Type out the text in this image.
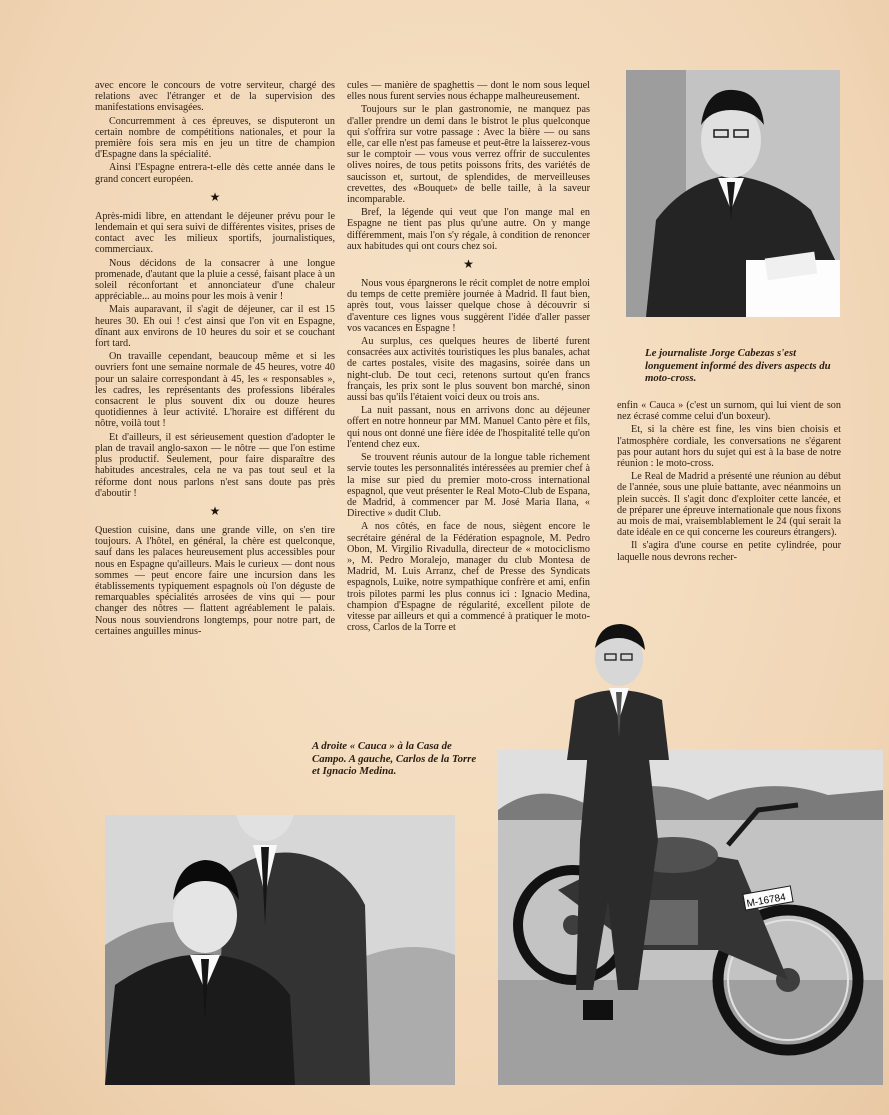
avec encore le concours de votre serviteur, chargé des relations avec l'étranger et de la supervision des manifestations envisagées.

Concurremment à ces épreuves, se disputeront un certain nombre de compétitions nationales, et pour la première fois sera mis en jeu un titre de champion d'Espagne dans la spécialité.

Ainsi l'Espagne entrera-t-elle dès cette année dans le grand concert européen.

★

Après-midi libre, en attendant le déjeuner prévu pour le lendemain et qui sera suivi de différentes visites, prises de contact avec les milieux sportifs, journalistiques, commerciaux.

Nous décidons de la consacrer à une longue promenade, d'autant que la pluie a cessé, faisant place à un soleil réconfortant et annonciateur d'une chaleur appréciable... au moins pour les mois à venir !

Mais auparavant, il s'agit de déjeuner, car il est 15 heures 30. Eh oui ! c'est ainsi que l'on vit en Espagne, dînant aux environs de 10 heures du soir et se couchant fort tard.

On travaille cependant, beaucoup même et si les ouvriers font une semaine normale de 45 heures, votre 40 pour un salaire correspondant à 45, les « responsables », les cadres, les représentants des professions libérales consacrent le plus souvent dix ou douze heures quotidiennes à leur activité. L'horaire est différent du nôtre, voilà tout !

Et d'ailleurs, il est sérieusement question d'adopter le plan de travail anglo-saxon — le nôtre — que l'on estime plus productif. Seulement, pour faire disparaître des habitudes ancestrales, cela ne va pas tout seul et la réforme dont nous parlons n'est sans doute pas près d'aboutir !

★

Question cuisine, dans une grande ville, on s'en tire toujours. A l'hôtel, en général, la chère est quelconque, sauf dans les palaces heureusement plus accessibles pour nous en Espagne qu'ailleurs. Mais le curieux — dont nous sommes — peut encore faire une incursion dans les établissements typiquement espagnols où l'on déguste de remarquables spécialités arrosées de vins qui — pour changer des nôtres — flattent agréablement le palais. Nous nous souviendrons longtemps, pour notre part, de certaines anguilles minus-

cules — manière de spaghettis — dont le nom sous lequel elles nous furent servies nous échappe malheureusement.

Toujours sur le plan gastronomie, ne manquez pas d'aller prendre un demi dans le bistrot le plus quelconque qui s'offrira sur votre passage : Avec la bière — ou sans elle, car elle n'est pas fameuse et peut-être la laisserez-vous sur le comptoir — vous vous verrez offrir de succulentes olives noires, de tous petits poissons frits, des variétés de saucisson et, surtout, de splendides, de merveilleuses crevettes, des «Bouquet» de belle taille, à la saveur incomparable.

Bref, la légende qui veut que l'on mange mal en Espagne ne tient pas plus qu'une autre. On y mange différemment, mais l'on s'y régale, à condition de renoncer aux habitudes qui ont cours chez soi.

★

Nous vous épargnerons le récit complet de notre emploi du temps de cette première journée à Madrid. Il faut bien, après tout, vous laisser quelque chose à découvrir si d'aventure ces lignes vous suggèrent l'idée d'aller passer vos vacances en Espagne !

Au surplus, ces quelques heures de liberté furent consacrées aux activités touristiques les plus banales, achat de cartes postales, visite des magasins, soirée dans un night-club. De tout ceci, retenons surtout qu'en francs français, les prix sont le plus souvent bon marché, sinon aussi bas qu'ils l'étaient voici deux ou trois ans.

La nuit passant, nous en arrivons donc au déjeuner offert en notre honneur par MM. Manuel Canto père et fils, qui nous ont donné une fière idée de l'hospitalité telle qu'on l'entend chez eux.

Se trouvent réunis autour de la longue table richement servie toutes les personnalités intéressées au premier chef à la mise sur pied du premier moto-cross international espagnol, que veut présenter le Real Moto-Club de Espana, de Madrid, à commencer par M. José Maria Ilana, « Directive » dudit Club.

A nos côtés, en face de nous, siègent encore le secrétaire général de la Fédération espagnole, M. Pedro Obon, M. Virgilio Rivadulla, directeur de « motociclismo », M. Pedro Moralejo, manager du club Montesa de Madrid, M. Luis Arranz, chef de Presse des Syndicats espagnols, Luike, notre sympathique confrère et ami, enfin trois pilotes parmi les plus connus ici : Ignacio Medina, champion d'Espagne de régularité, excellent pilote de vitesse par ailleurs et qui a commencé à pratiquer le moto-cross, Carlos de la Torre et

Le journaliste Jorge Cabezas s'est longuement informé des divers aspects du moto-cross.

enfin « Cauca » (c'est un surnom, qui lui vient de son nez écrasé comme celui d'un boxeur).

Et, si la chère est fine, les vins bien choisis et l'atmosphère cordiale, les conversations ne s'égarent pas pour autant hors du sujet qui est à la base de notre réunion : le moto-cross.

Le Real de Madrid a présenté une réunion au début de l'année, sous une pluie battante, avec néanmoins un plein succès. Il s'agit donc d'exploiter cette lancée, et de préparer une épreuve internationale que nous fixons au mois de mai, vraisemblablement le 24 (qui serait la date idéale en ce qui concerne les coureurs étrangers).

Il s'agira d'une course en petite cylindrée, pour laquelle nous devrons recher-

A droite « Cauca » à la Casa de Campo. A gauche, Carlos de la Torre et Ignacio Medina.
M-16784
